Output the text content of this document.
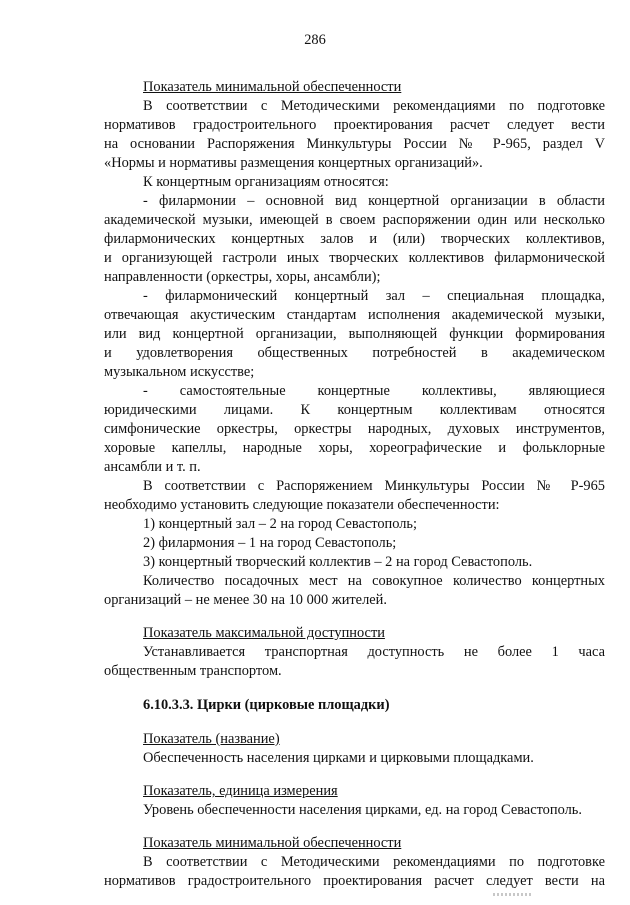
286
Показатель минимальной обеспеченности
В соответствии с Методическими рекомендациями по подготовке
нормативов градостроительного проектирования расчет следует вести
на основании Распоряжения Минкультуры России № Р-965, раздел V
«Нормы и нормативы размещения концертных организаций».
К концертным организациям относятся:
- филармонии – основной вид концертной организации в области
академической музыки, имеющей в своем распоряжении один или несколько
филармонических концертных залов и (или) творческих коллективов,
и организующей гастроли иных творческих коллективов филармонической
направленности (оркестры, хоры, ансамбли);
- филармонический концертный зал – специальная площадка,
отвечающая акустическим стандартам исполнения академической музыки,
или вид концертной организации, выполняющей функции формирования
и удовлетворения общественных потребностей в академическом
музыкальном искусстве;
- самостоятельные концертные коллективы, являющиеся
юридическими лицами. К концертным коллективам относятся
симфонические оркестры, оркестры народных, духовых инструментов,
хоровые капеллы, народные хоры, хореографические и фольклорные
ансамбли и т. п.
В соответствии с Распоряжением Минкультуры России № Р-965
необходимо установить следующие показатели обеспеченности:
1) концертный зал – 2 на город Севастополь;
2) филармония – 1 на город Севастополь;
3) концертный творческий коллектив – 2 на город Севастополь.
Количество посадочных мест на совокупное количество концертных
организаций – не менее 30 на 10 000 жителей.
Показатель максимальной доступности
Устанавливается транспортная доступность не более 1 часа
общественным транспортом.
6.10.3.3. Цирки (цирковые площадки)
Показатель (название)
Обеспеченность населения цирками и цирковыми площадками.
Показатель, единица измерения
Уровень обеспеченности населения цирками, ед. на город Севастополь.
Показатель минимальной обеспеченности
В соответствии с Методическими рекомендациями по подготовке
нормативов градостроительного проектирования расчет следует вести на
